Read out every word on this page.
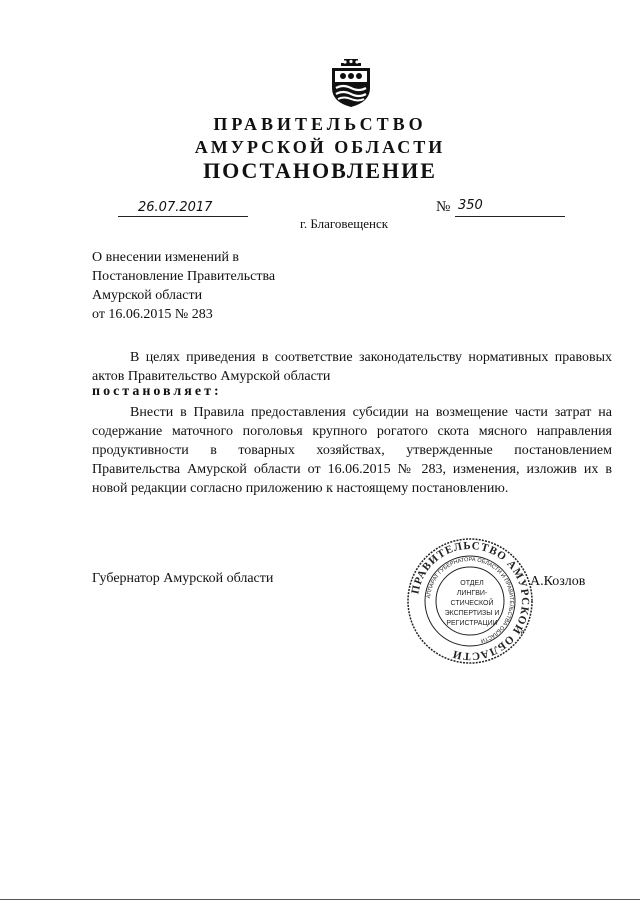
ПРАВИТЕЛЬСТВО
АМУРСКОЙ ОБЛАСТИ
ПОСТАНОВЛЕНИЕ
26.07.2017	№ 350
г. Благовещенск
О внесении изменений в
Постановление Правительства
Амурской области
от 16.06.2015 № 283
В целях приведения в соответствие законодательству нормативных правовых актов Правительство Амурской области
постановляет:
Внести в Правила предоставления субсидии на возмещение части затрат на содержание маточного поголовья крупного рогатого скота мясного направления продуктивности в товарных хозяйствах, утвержденные постановлением Правительства Амурской области от 16.06.2015 № 283, изменения, изложив их в новой редакции согласно приложению к настоящему постановлению.
Губернатор Амурской области	А.Козлов
ПРАВИТЕЛЬСТВО АМУРСКОЙ ОБЛАСТИ
АППАРАТ ГУБЕРНАТОРА ОБЛАСТИ И ПРАВИТЕЛЬСТВА ОБЛАСТИ
ОТДЕЛ
ЛИНГВИ-
СТИЧЕСКОЙ
ЭКСПЕРТИЗЫ И
РЕГИСТРАЦИИ
